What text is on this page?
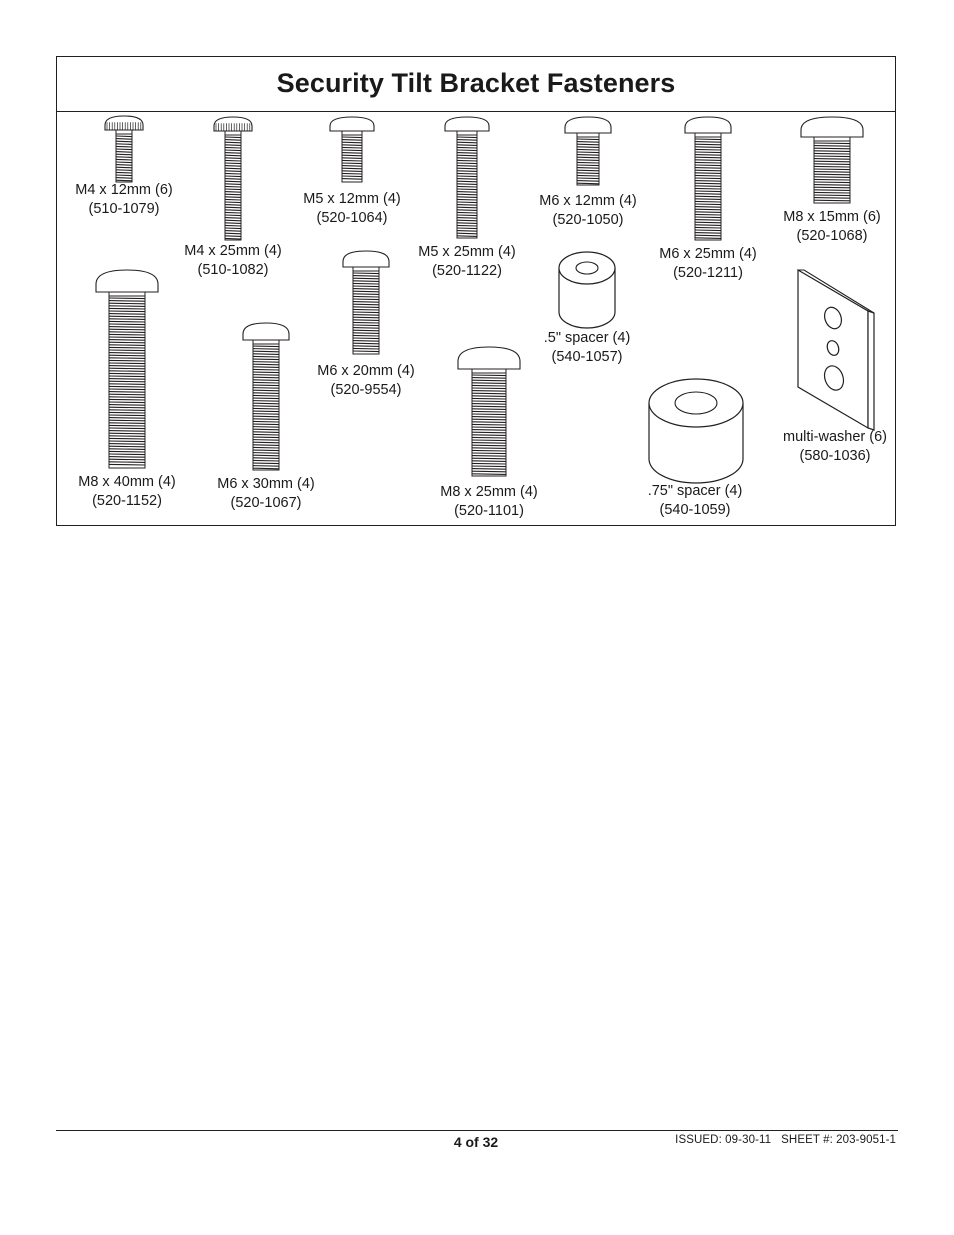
Security Tilt Bracket Fasteners
M4 x 12mm (6)
(510-1079)
M4 x 25mm (4)
(510-1082)
M5 x 12mm (4)
(520-1064)
M5 x 25mm (4)
(520-1122)
M6 x 12mm (4)
(520-1050)
M6 x 25mm (4)
(520-1211)
M8 x 15mm (6)
(520-1068)
M6 x 20mm (4)
(520-9554)
.5" spacer (4)
(540-1057)
M8 x 40mm (4)
(520-1152)
M6 x 30mm (4)
(520-1067)
M8 x 25mm (4)
(520-1101)
.75" spacer (4)
(540-1059)
multi-washer (6)
(580-1036)
4 of 32	ISSUED: 09-30-11 SHEET #: 203-9051-1
